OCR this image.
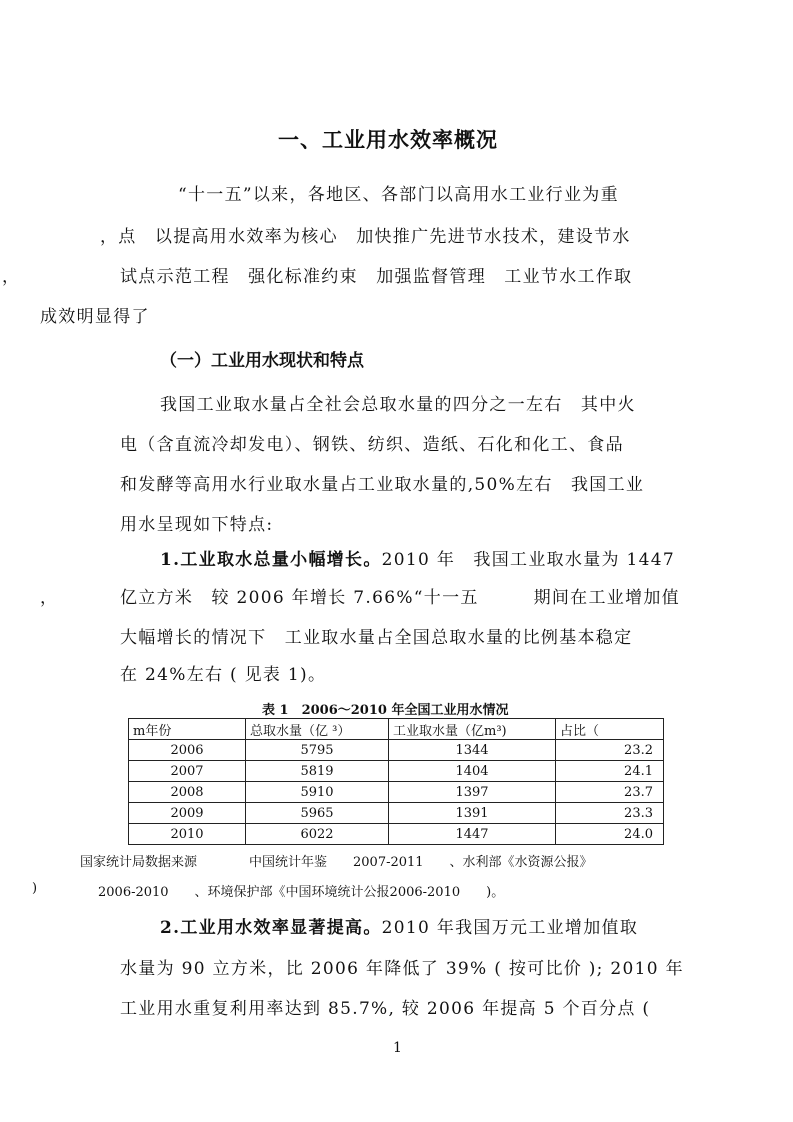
一、工业用水效率概况
“十一五”以来，各地区、各部门以高用水工业行业为重
，点　以提高用水效率为核心　加快推广先进节水技术，建设节水
，	试点示范工程　强化标准约束　加强监督管理　工业节水工作取
成效明显得了
（一）工业用水现状和特点
我国工业取水量占全社会总取水量的四分之一左右　其中火
电（含直流冷却发电）、钢铁、纺织、造纸、石化和化工、食品
和发酵等高用水行业取水量占工业取水量的,50%左右　我国工业
用水呈现如下特点:
1.工业取水总量小幅增长。2010 年　我国工业取水量为 1447
，	亿立方米　较 2006 年增长 7.66%“十一五　　　期间在工业增加值
大幅增长的情况下　工业取水量占全国总取水量的比例基本稳定
在 24%左右 ( 见表 1)。
表 1　2006～2010 年全国工业用水情况
m年份	总取水量（亿 ³）	工业取水量（亿m³)	占比（
2006	5795	1344	23.2
2007	5819	1404	24.1
2008	5910	1397	23.7
2009	5965	1391	23.3
2010	6022	1447	24.0
国家统计局数据来源　　　　中国统计年鉴　　2007-2011　　、水利部《水资源公报》
)	2006-2010　　、环境保护部《中国环境统计公报2006-2010　　)。
2.工业用水效率显著提高。2010 年我国万元工业增加值取
水量为 90 立方米，比 2006 年降低了 39% ( 按可比价 ); 2010 年
工业用水重复利用率达到 85.7%, 较 2006 年提高 5 个百分点 (
1
